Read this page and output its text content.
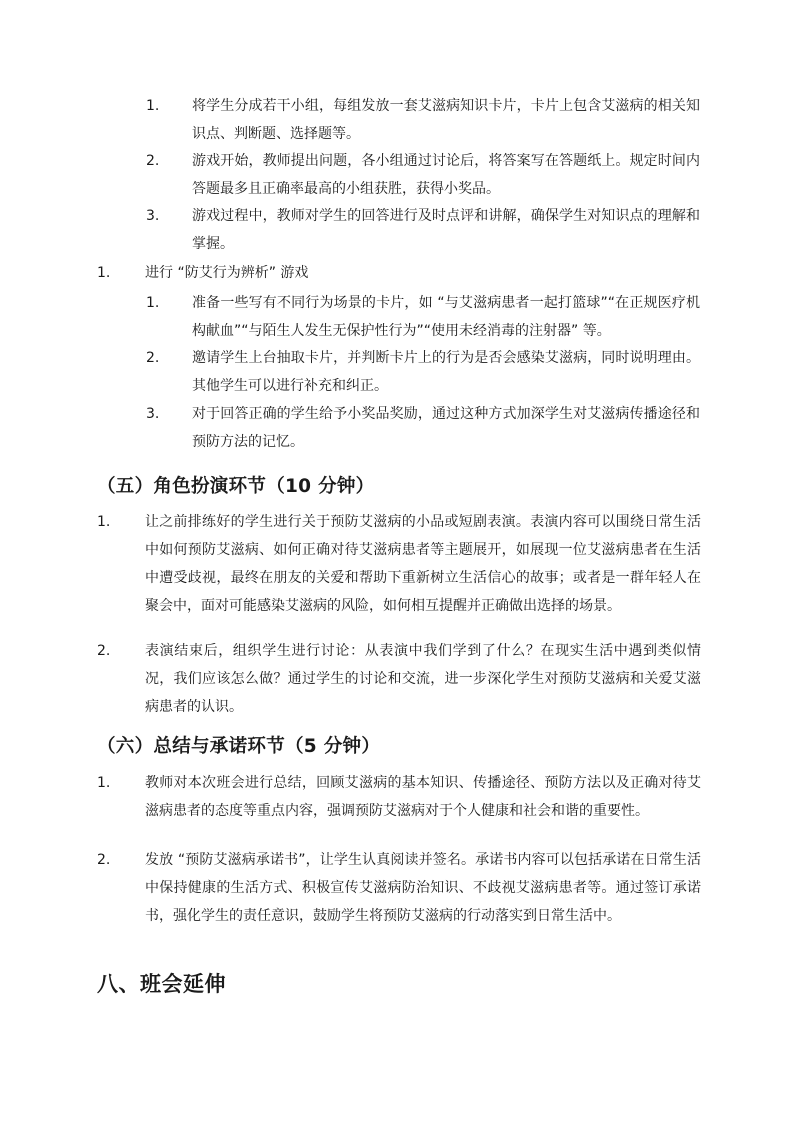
1. 将学生分成若干小组，每组发放一套艾滋病知识卡片，卡片上包含艾滋病的相关知识点、判断题、选择题等。
2. 游戏开始，教师提出问题，各小组通过讨论后，将答案写在答题纸上。规定时间内答题最多且正确率最高的小组获胜，获得小奖品。
3. 游戏过程中，教师对学生的回答进行及时点评和讲解，确保学生对知识点的理解和掌握。
1. 进行 “防艾行为辨析” 游戏
1. 准备一些写有不同行为场景的卡片，如 “与艾滋病患者一起打篮球”“在正规医疗机构献血”“与陌生人发生无保护性行为”“使用未经消毒的注射器” 等。
2. 邀请学生上台抽取卡片，并判断卡片上的行为是否会感染艾滋病，同时说明理由。其他学生可以进行补充和纠正。
3. 对于回答正确的学生给予小奖品奖励，通过这种方式加深学生对艾滋病传播途径和预防方法的记忆。
（五）角色扮演环节（10 分钟）
1. 让之前排练好的学生进行关于预防艾滋病的小品或短剧表演。表演内容可以围绕日常生活中如何预防艾滋病、如何正确对待艾滋病患者等主题展开，如展现一位艾滋病患者在生活中遭受歧视，最终在朋友的关爱和帮助下重新树立生活信心的故事；或者是一群年轻人在聚会中，面对可能感染艾滋病的风险，如何相互提醒并正确做出选择的场景。
2. 表演结束后，组织学生进行讨论：从表演中我们学到了什么？在现实生活中遇到类似情况，我们应该怎么做？通过学生的讨论和交流，进一步深化学生对预防艾滋病和关爱艾滋病患者的认识。
（六）总结与承诺环节（5 分钟）
1. 教师对本次班会进行总结，回顾艾滋病的基本知识、传播途径、预防方法以及正确对待艾滋病患者的态度等重点内容，强调预防艾滋病对于个人健康和社会和谐的重要性。
2. 发放 “预防艾滋病承诺书”，让学生认真阅读并签名。承诺书内容可以包括承诺在日常生活中保持健康的生活方式、积极宣传艾滋病防治知识、不歧视艾滋病患者等。通过签订承诺书，强化学生的责任意识，鼓励学生将预防艾滋病的行动落实到日常生活中。
八、班会延伸
